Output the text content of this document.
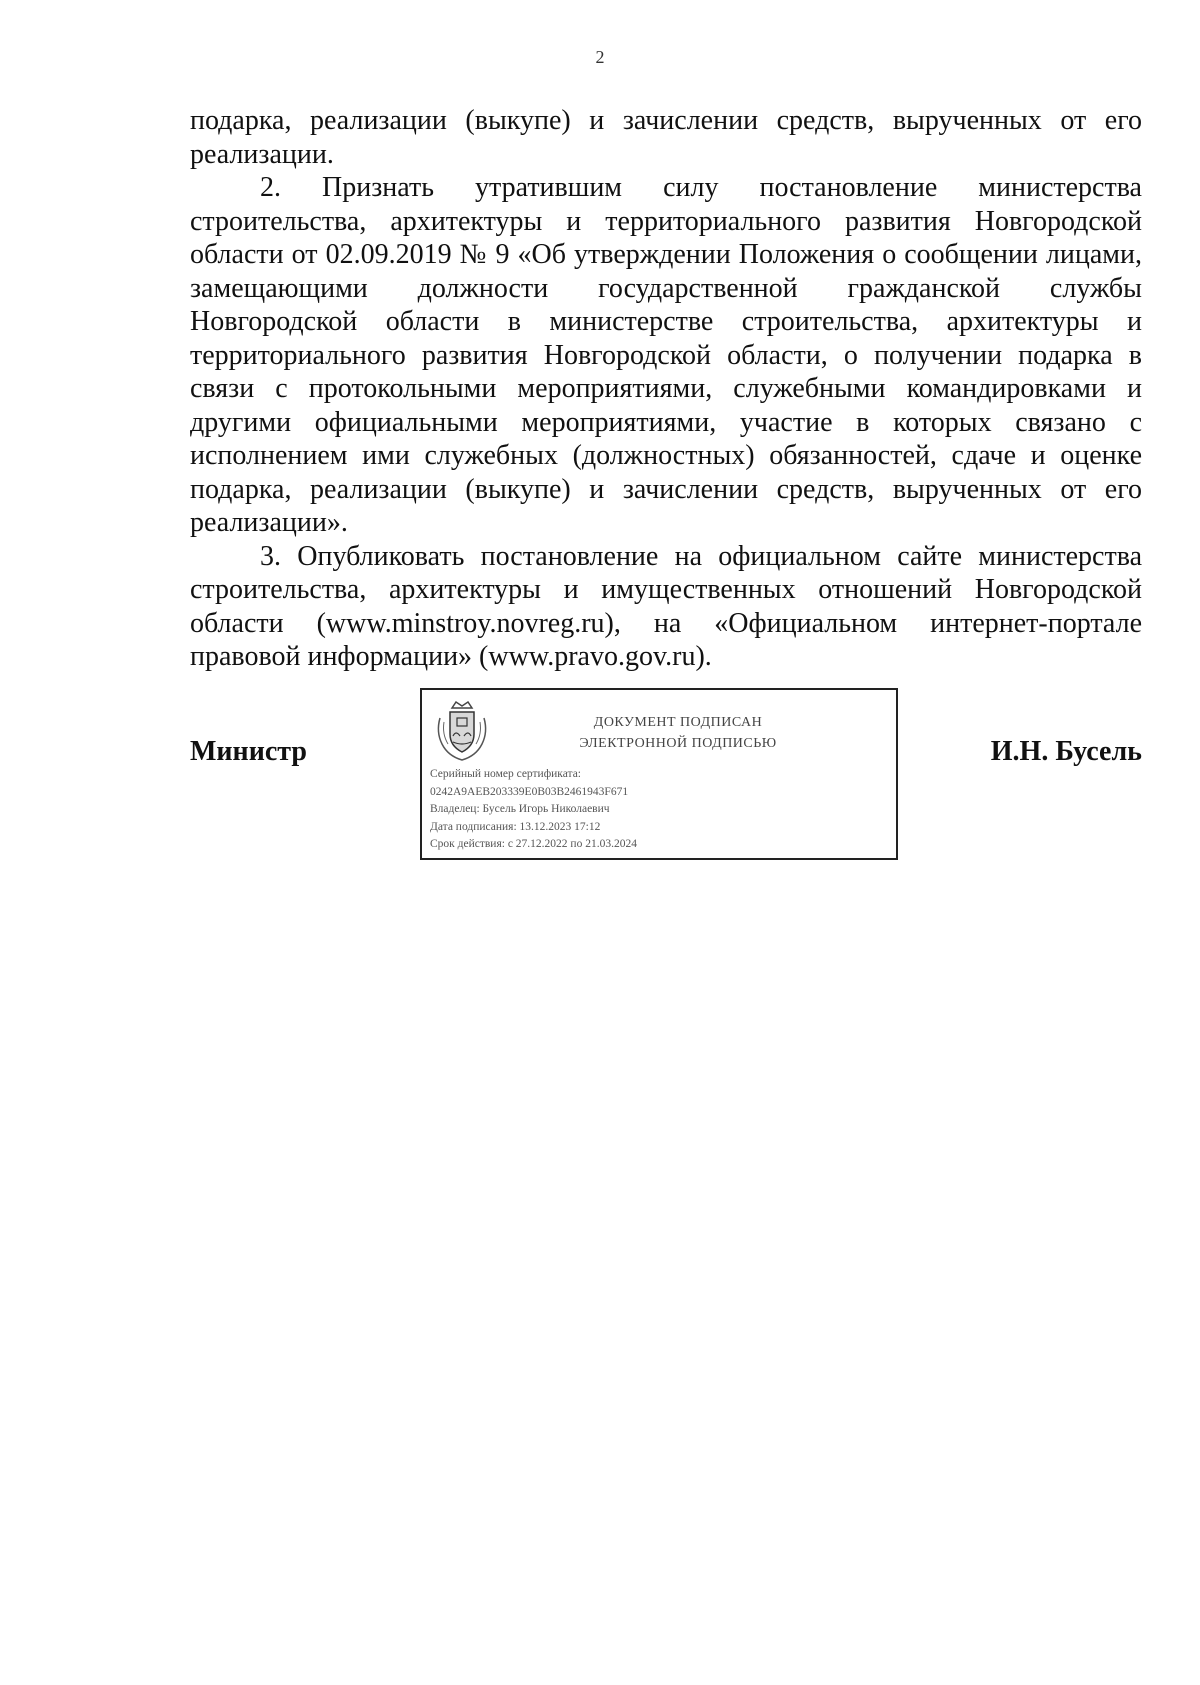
2

подарка, реализации (выкупе) и зачислении средств, вырученных от его реализации.

2. Признать утратившим силу постановление министерства строительства, архитектуры и территориального развития Новгородской области от 02.09.2019 № 9 «Об утверждении Положения о сообщении лицами, замещающими должности государственной гражданской службы Новгородской области в министерстве строительства, архитектуры и территориального развития Новгородской области, о получении подарка в связи с протокольными мероприятиями, служебными командировками и другими официальными мероприятиями, участие в которых связано с исполнением ими служебных (должностных) обязанностей, сдаче и оценке подарка, реализации (выкупе) и зачислении средств, вырученных от его реализации».

3. Опубликовать постановление на официальном сайте министерства строительства, архитектуры и имущественных отношений Новгородской области (www.minstroy.novreg.ru), на «Официальном интернет-портале правовой информации» (www.pravo.gov.ru).

Министр
ДОКУМЕНТ ПОДПИСАН
ЭЛЕКТРОННОЙ ПОДПИСЬЮ
Серийный номер сертификата:
0242A9AEB203339E0B03B2461943F671
Владелец: Бусель Игорь Николаевич
Дата подписания: 13.12.2023 17:12
Срок действия: с 27.12.2022 по 21.03.2024
И.Н. Бусель
